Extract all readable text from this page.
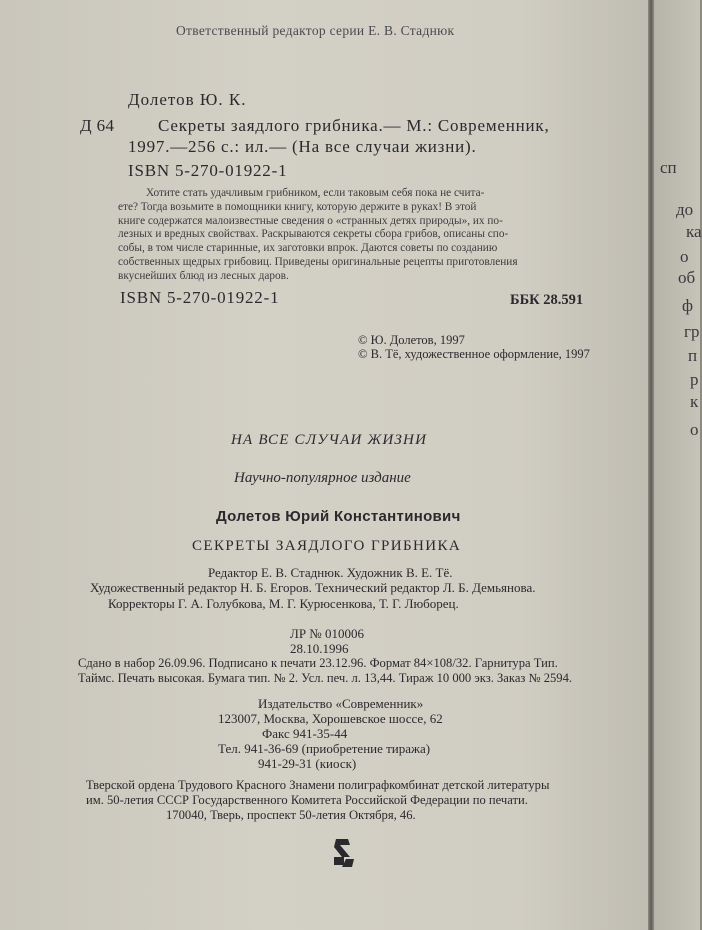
сп
до
ка
о
об
ф
гр
п
р
к
о
Ответственный редактор серии Е. В. Стаднюк
Долетов Ю. К.
Д 64	Секреты заядлого грибника.— М.: Современник,
1997.—256 с.: ил.— (На все случаи жизни).
ISBN 5-270-01922-1
Хотите стать удачливым грибником, если таковым себя пока не счита-
ете? Тогда возьмите в помощники книгу, которую держите в руках! В этой
книге содержатся малоизвестные сведения о «странных детях природы», их по-
лезных и вредных свойствах. Раскрываются секреты сбора грибов, описаны спо-
собы, в том числе старинные, их заготовки впрок. Даются советы по созданию
собственных щедрых грибовиц. Приведены оригинальные рецепты приготовления
вкуснейших блюд из лесных даров.
ISBN 5-270-01922-1	ББК 28.591
© Ю. Долетов, 1997
© В. Тё, художественное оформление, 1997
НА ВСЕ СЛУЧАИ ЖИЗНИ
Научно-популярное издание
Долетов Юрий Константинович
СЕКРЕТЫ ЗАЯДЛОГО ГРИБНИКА
Редактор Е. В. Стаднюк. Художник В. Е. Тё.
Художественный редактор Н. Б. Егоров. Технический редактор Л. Б. Демьянова.
Корректоры Г. А. Голубкова, М. Г. Курюсенкова, Т. Г. Люборец.
ЛР № 010006
28.10.1996
Сдано в набор 26.09.96. Подписано к печати 23.12.96. Формат 84×108/32. Гарнитура Тип.
Таймс. Печать высокая. Бумага тип. № 2. Усл. печ. л. 13,44. Тираж 10 000 экз. Заказ № 2594.
Издательство «Современник»
123007, Москва, Хорошевское шоссе, 62
Факс 941-35-44
Тел. 941-36-69 (приобретение тиража)
941-29-31 (киоск)
Тверской ордена Трудового Красного Знамени полиграфкомбинат детской литературы
им. 50-летия СССР Государственного Комитета Российской Федерации по печати.
170040, Тверь, проспект 50-летия Октября, 46.
